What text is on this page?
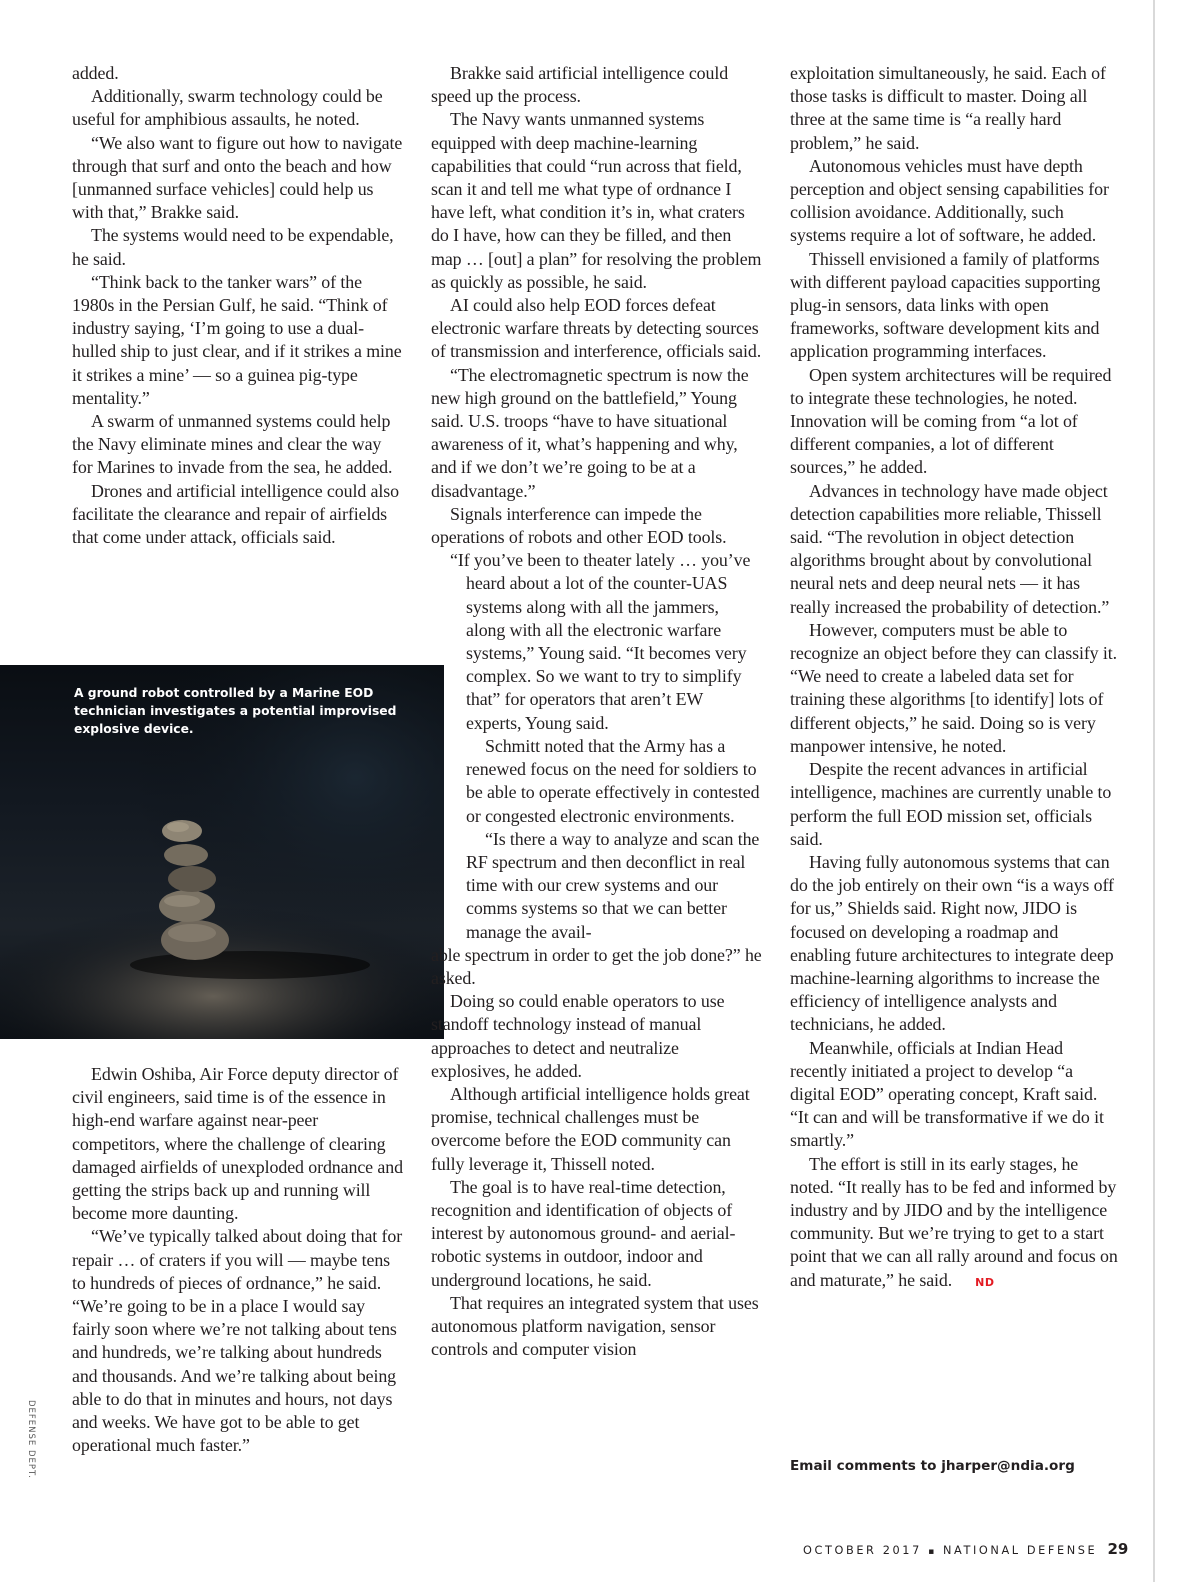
added.

Additionally, swarm technology could be useful for amphibious assaults, he noted.

“We also want to figure out how to navigate through that surf and onto the beach and how [unmanned surface vehicles] could help us with that,” Brakke said.

The systems would need to be expendable, he said.

“Think back to the tanker wars” of the 1980s in the Persian Gulf, he said. “Think of industry saying, ‘I’m going to use a dual-hulled ship to just clear, and if it strikes a mine it strikes a mine’ — so a guinea pig-type mentality.”

A swarm of unmanned systems could help the Navy eliminate mines and clear the way for Marines to invade from the sea, he added.

Drones and artificial intelligence could also facilitate the clearance and repair of airfields that come under attack, officials said.

A ground robot controlled by a Marine EOD technician investigates a potential improvised explosive device.

Edwin Oshiba, Air Force deputy director of civil engineers, said time is of the essence in high-end warfare against near-peer competitors, where the challenge of clearing damaged airfields of unexploded ordnance and getting the strips back up and running will become more daunting.

“We’ve typically talked about doing that for repair … of craters if you will — maybe tens to hundreds of pieces of ordnance,” he said. “We’re going to be in a place I would say fairly soon where we’re not talking about tens and hundreds, we’re talking about hundreds and thousands. And we’re talking about being able to do that in minutes and hours, not days and weeks. We have got to be able to get operational much faster.”

Brakke said artificial intelligence could speed up the process.

The Navy wants unmanned systems equipped with deep machine-learning capabilities that could “run across that field, scan it and tell me what type of ordnance I have left, what condition it’s in, what craters do I have, how can they be filled, and then map … [out] a plan” for resolving the problem as quickly as possible, he said.

AI could also help EOD forces defeat electronic warfare threats by detecting sources of transmission and interference, officials said.

“The electromagnetic spectrum is now the new high ground on the battlefield,” Young said. U.S. troops “have to have situational awareness of it, what’s happening and why, and if we don’t we’re going to be at a disadvantage.”

Signals interference can impede the operations of robots and other EOD tools.

“If you’ve been to theater lately … you’ve heard about a lot of the counter-UAS systems along with all the jammers, along with all the electronic warfare systems,” Young said. “It becomes very complex. So we want to try to simplify that” for operators that aren’t EW experts, Young said.

Schmitt noted that the Army has a renewed focus on the need for soldiers to be able to operate effectively in contested or congested electronic environments.

“Is there a way to analyze and scan the RF spectrum and then deconflict in real time with our crew systems and our comms systems so that we can better manage the avail-

able spectrum in order to get the job done?” he asked.

Doing so could enable operators to use standoff technology instead of manual approaches to detect and neutralize explosives, he added.

Although artificial intelligence holds great promise, technical challenges must be overcome before the EOD community can fully leverage it, Thissell noted.

The goal is to have real-time detection, recognition and identification of objects of interest by autonomous ground- and aerial-robotic systems in outdoor, indoor and underground locations, he said.

That requires an integrated system that uses autonomous platform navigation, sensor controls and computer vision

exploitation simultaneously, he said. Each of those tasks is difficult to master. Doing all three at the same time is “a really hard problem,” he said.

Autonomous vehicles must have depth perception and object sensing capabilities for collision avoidance. Additionally, such systems require a lot of software, he added.

Thissell envisioned a family of platforms with different payload capacities supporting plug-in sensors, data links with open frameworks, software development kits and application programming interfaces.

Open system architectures will be required to integrate these technologies, he noted. Innovation will be coming from “a lot of different companies, a lot of different sources,” he added.

Advances in technology have made object detection capabilities more reliable, Thissell said. “The revolution in object detection algorithms brought about by convolutional neural nets and deep neural nets — it has really increased the probability of detection.”

However, computers must be able to recognize an object before they can classify it. “We need to create a labeled data set for training these algorithms [to identify] lots of different objects,” he said. Doing so is very manpower intensive, he noted.

Despite the recent advances in artificial intelligence, machines are currently unable to perform the full EOD mission set, officials said.

Having fully autonomous systems that can do the job entirely on their own “is a ways off for us,” Shields said. Right now, JIDO is focused on developing a roadmap and enabling future architectures to integrate deep machine-learning algorithms to increase the efficiency of intelligence analysts and technicians, he added.

Meanwhile, officials at Indian Head recently initiated a project to develop “a digital EOD” operating concept, Kraft said. “It can and will be transformative if we do it smartly.”

The effort is still in its early stages, he noted. “It really has to be fed and informed by industry and by JIDO and by the intelligence community. But we’re trying to get to a start point that we can all rally around and focus on and maturate,” he said. ND

Email comments to jharper@ndia.org
DEFENSE DEPT.
OCTOBER 2017 ▪ NATIONAL DEFENSE 29
